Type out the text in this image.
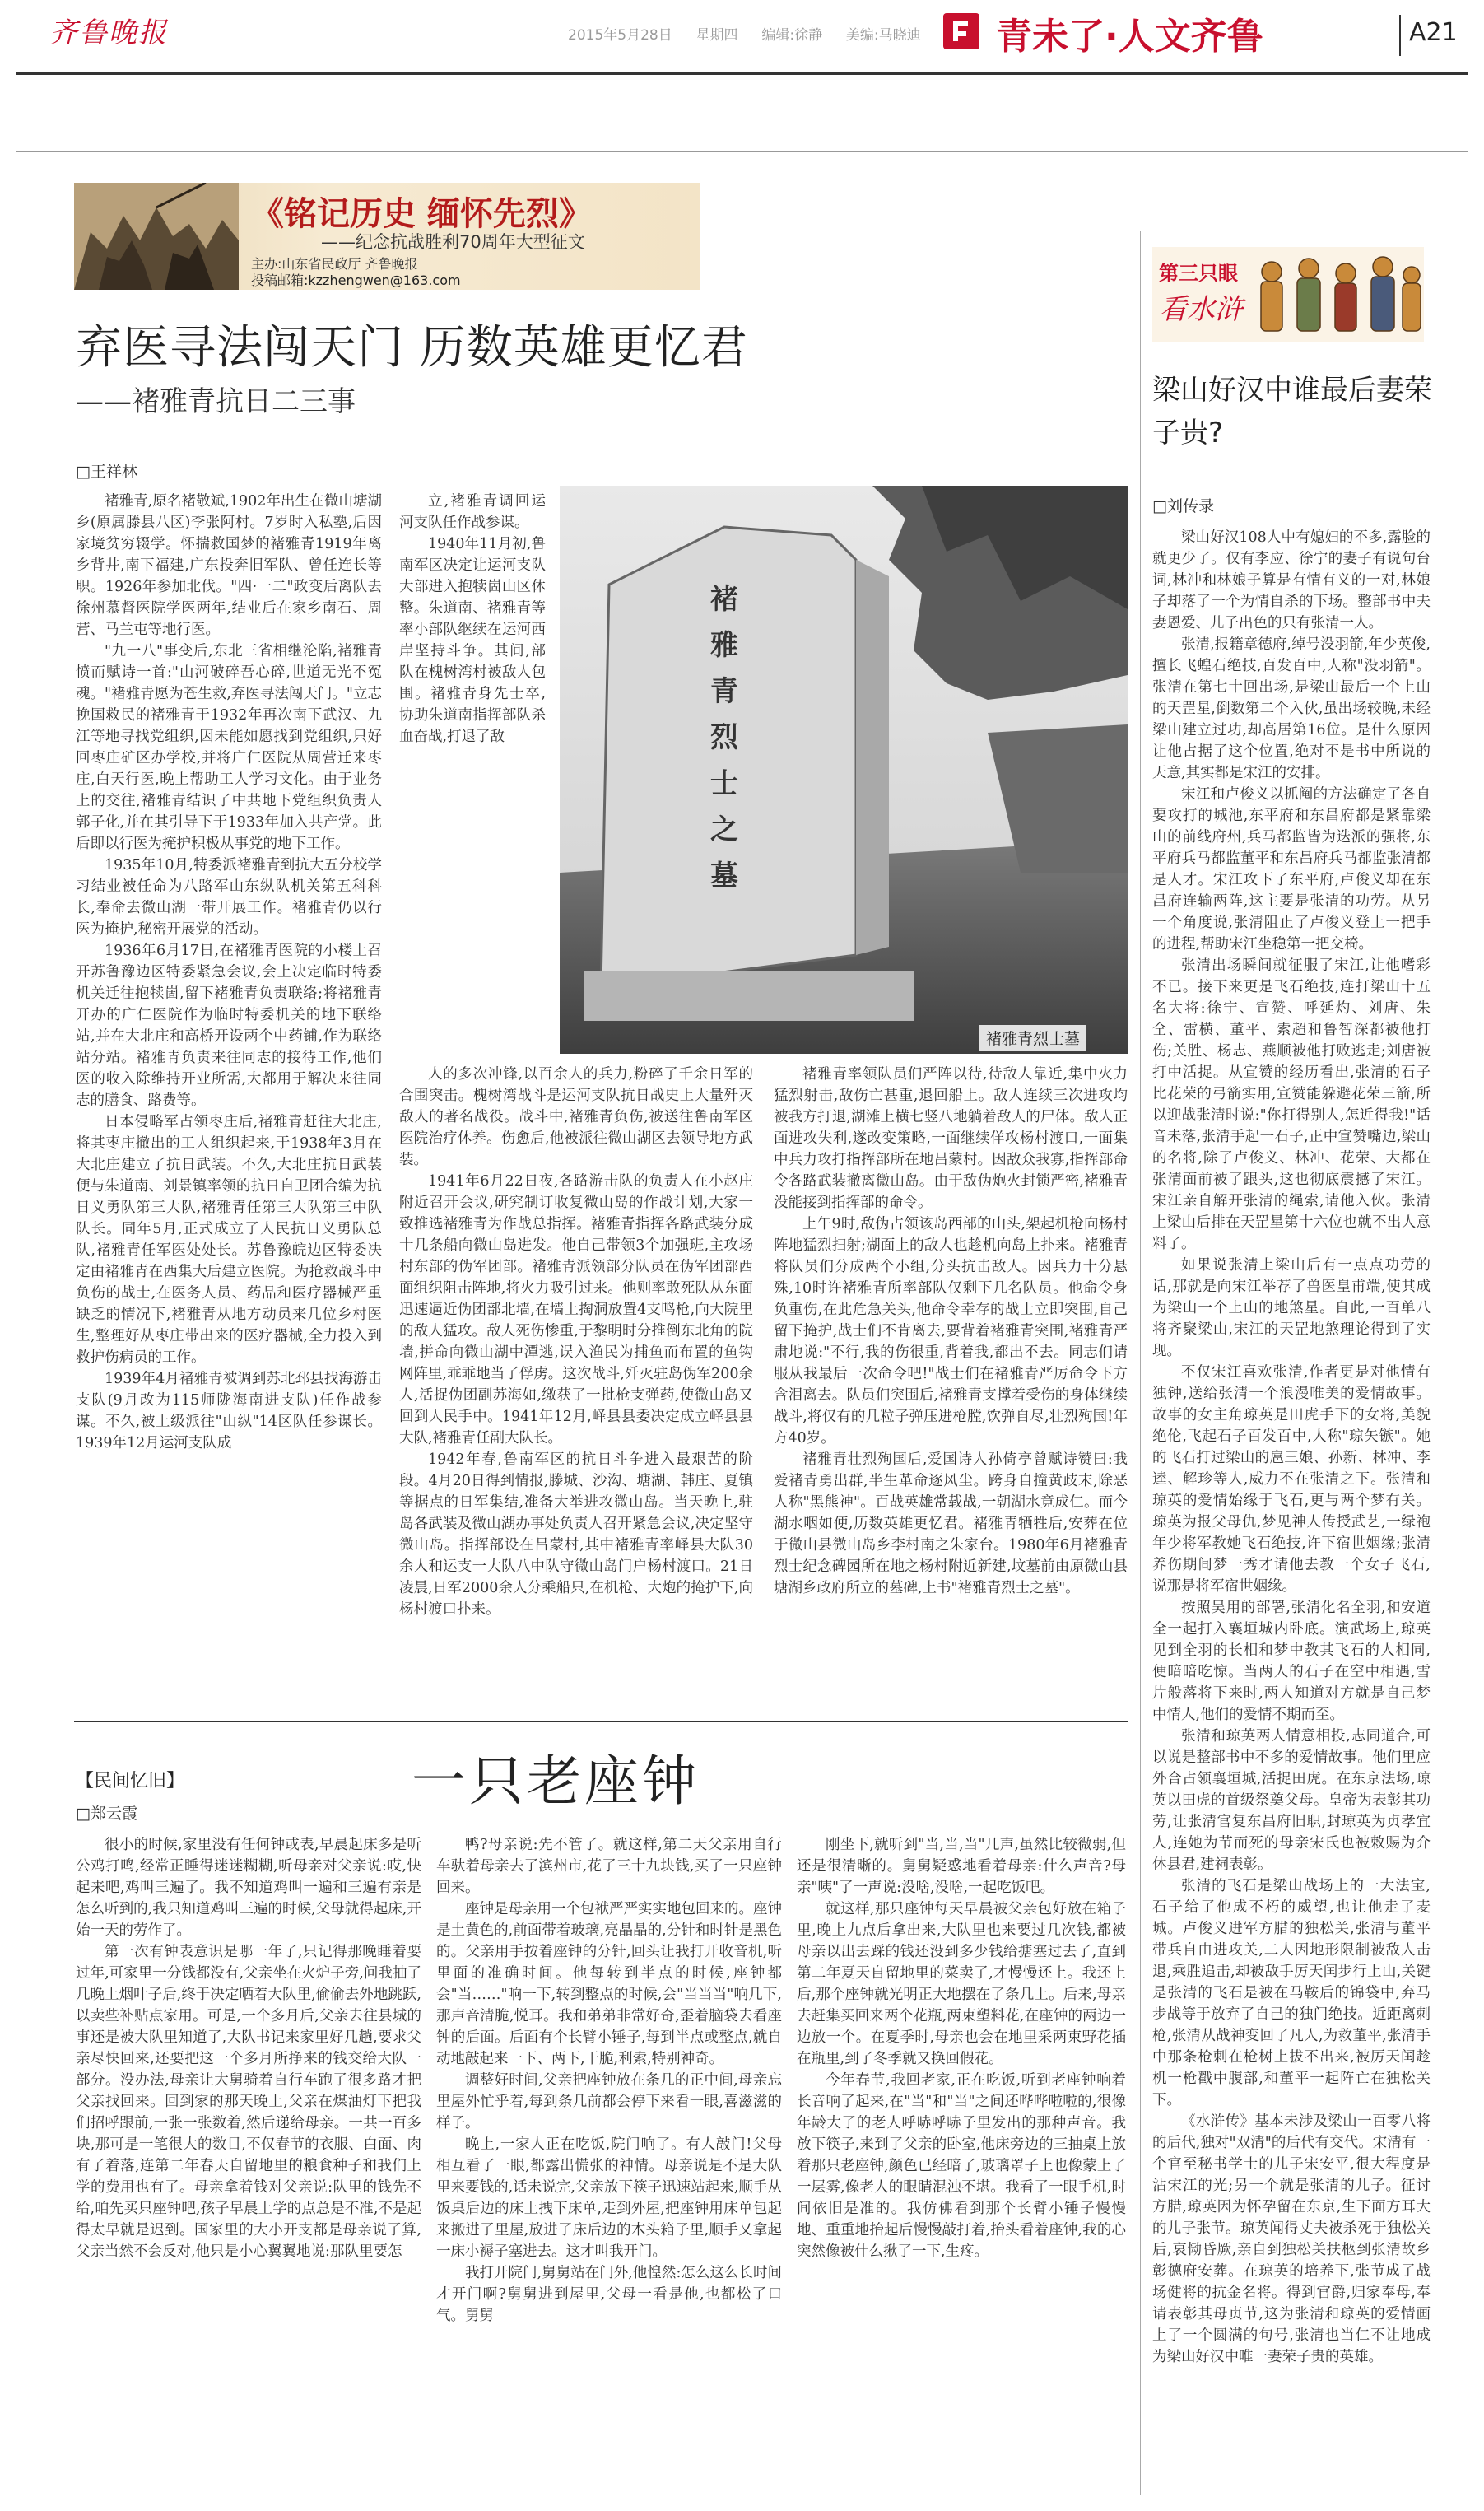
齐鲁晚报	2015年5月28日 星期四 编辑:徐静 美编:马晓迪 青未了·人文齐鲁	A21
《铭记历史 缅怀先烈》
——纪念抗战胜利70周年大型征文
主办:山东省民政厅 齐鲁晚报
投稿邮箱:kzzhengwen@163.com
弃医寻法闯天门 历数英雄更忆君
——褚雅青抗日二三事
□王祥林

褚雅青,原名褚敬斌,1902年出生在微山塘湖乡(原属滕县八区)李张阿村。7岁时入私塾,后因家境贫穷辍学。怀揣救国梦的褚雅青1919年离乡背井,南下福建,广东投奔旧军队、曾任连长等职。1926年参加北伐。"四·一二"政变后离队去徐州慕督医院学医两年,结业后在家乡南石、周营、马兰屯等地行医。

"九一八"事变后,东北三省相继沦陷,褚雅青愤而赋诗一首:"山河破碎吾心碎,世道无光不冤魂。"褚雅青愿为苍生救,弃医寻法闯天门。"立志挽国救民的褚雅青于1932年再次南下武汉、九江等地寻找党组织,因未能如愿找到党组织,只好回枣庄矿区办学校,并将广仁医院从周营迁来枣庄,白天行医,晚上帮助工人学习文化。由于业务上的交往,褚雅青结识了中共地下党组织负责人郭子化,并在其引导下于1933年加入共产党。此后即以行医为掩护积极从事党的地下工作。

1935年10月,特委派褚雅青到抗大五分校学习结业被任命为八路军山东纵队机关第五科科长,奉命去微山湖一带开展工作。褚雅青仍以行医为掩护,秘密开展党的活动。

1936年6月17日,在褚雅青医院的小楼上召开苏鲁豫边区特委紧急会议,会上决定临时特委机关迁往抱犊崮,留下褚雅青负责联络;将褚雅青开办的广仁医院作为临时特委机关的地下联络站,并在大北庄和高桥开设两个中药铺,作为联络站分站。褚雅青负责来往同志的接待工作,他们医的收入除维持开业所需,大都用于解决来往同志的膳食、路费等。

日本侵略军占领枣庄后,褚雅青赶往大北庄,将其枣庄撤出的工人组织起来,于1938年3月在大北庄建立了抗日武装。不久,大北庄抗日武装便与朱道南、刘景镇率领的抗日自卫团合编为抗日义勇队第三大队,褚雅青任第三大队第三中队队长。同年5月,正式成立了人民抗日义勇队总队,褚雅青任军医处处长。苏鲁豫皖边区特委决定由褚雅青在西集大后建立医院。为抢救战斗中负伤的战士,在医务人员、药品和医疗器械严重缺乏的情况下,褚雅青从地方动员来几位乡村医生,整理好从枣庄带出来的医疗器械,全力投入到救护伤病员的工作。

1939年4月褚雅青被调到苏北邳县找海游击支队(9月改为115师陇海南进支队)任作战参谋。不久,被上级派往"山纵"14区队任参谋长。1939年12月运河支队成

立,褚雅青调回运河支队任作战参谋。

1940年11月初,鲁南军区决定让运河支队大部进入抱犊崮山区休整。朱道南、褚雅青等率小部队继续在运河西岸坚持斗争。其间,部队在槐树湾村被敌人包围。褚雅青身先士卒,协助朱道南指挥部队杀血奋战,打退了敌

褚雅青烈士之墓
褚雅青烈士墓

人的多次冲锋,以百余人的兵力,粉碎了千余日军的合围突击。槐树湾战斗是运河支队抗日战史上大量歼灭敌人的著名战役。战斗中,褚雅青负伤,被送往鲁南军区医院治疗休养。伤愈后,他被派往微山湖区去领导地方武装。

1941年6月22日夜,各路游击队的负责人在小赵庄附近召开会议,研究制订收复微山岛的作战计划,大家一致推选褚雅青为作战总指挥。褚雅青指挥各路武装分成十几条船向微山岛进发。他自己带领3个加强班,主攻场村东部的伪军团部。褚雅青派领部分队员在伪军团部西面组织阻击阵地,将火力吸引过来。他则率敢死队从东面迅速逼近伪团部北墙,在墙上掏洞放置4支鸣枪,向大院里的敌人猛攻。敌人死伤惨重,于黎明时分推倒东北角的院墙,拼命向微山湖中潭逃,误入渔民为捕鱼而布置的鱼钩网阵里,乖乖地当了俘虏。这次战斗,歼灭驻岛伪军200余人,活捉伪团副苏海如,缴获了一批枪支弹药,使微山岛又回到人民手中。1941年12月,峄县县委决定成立峄县县大队,褚雅青任副大队长。

1942年春,鲁南军区的抗日斗争进入最艰苦的阶段。4月20日得到情报,滕城、沙沟、塘湖、韩庄、夏镇等据点的日军集结,准备大举进攻微山岛。当天晚上,驻岛各武装及微山湖办事处负责人召开紧急会议,决定坚守微山岛。指挥部设在吕蒙村,其中褚雅青率峄县大队30余人和运支一大队八中队守微山岛门户杨村渡口。21日凌晨,日军2000余人分乘船只,在机枪、大炮的掩护下,向杨村渡口扑来。

褚雅青率领队员们严阵以待,待敌人靠近,集中火力猛烈射击,敌伤亡甚重,退回船上。敌人连续三次进攻均被我方打退,湖滩上横七竖八地躺着敌人的尸体。敌人正面进攻失利,遂改变策略,一面继续佯攻杨村渡口,一面集中兵力攻打指挥部所在地吕蒙村。因敌众我寡,指挥部命令各路武装撤离微山岛。由于敌伪炮火封锁严密,褚雅青没能接到指挥部的命令。

上午9时,敌伪占领该岛西部的山头,架起机枪向杨村阵地猛烈扫射;湖面上的敌人也趁机向岛上扑来。褚雅青将队员们分成两个小组,分头抗击敌人。因兵力十分悬殊,10时许褚雅青所率部队仅剩下几名队员。他命令身负重伤,在此危急关头,他命令幸存的战士立即突围,自己留下掩护,战士们不肯离去,要背着褚雅青突围,褚雅青严肃地说:"不行,我的伤很重,背着我,都出不去。同志们请服从我最后一次命令吧!"战士们在褚雅青严厉命令下方含泪离去。队员们突围后,褚雅青支撑着受伤的身体继续战斗,将仅有的几粒子弹压进枪膛,饮弹自尽,壮烈殉国!年方40岁。

褚雅青壮烈殉国后,爱国诗人孙倚亭曾赋诗赞曰:我爱褚青勇出群,半生革命逐风尘。跨身自撞黄歧末,除恶人称"黑熊神"。百战英雄常载战,一朝湖水竟成仁。而今湖水咽如便,历数英雄更忆君。褚雅青牺牲后,安葬在位于微山县微山岛乡李村南之朱家台。1980年6月褚雅青烈士纪念碑园所在地之杨村附近新建,坟墓前由原微山县塘湖乡政府所立的墓碑,上书"褚雅青烈士之墓"。

【民间忆旧】
□郑云霞
一只老座钟

很小的时候,家里没有任何钟或表,早晨起床多是听公鸡打鸣,经常正睡得迷迷糊糊,听母亲对父亲说:哎,快起来吧,鸡叫三遍了。我不知道鸡叫一遍和三遍有亲是怎么听到的,我只知道鸡叫三遍的时候,父母就得起床,开始一天的劳作了。

第一次有钟表意识是哪一年了,只记得那晚睡着要过年,可家里一分钱都没有,父亲坐在火炉子旁,问我抽了几晚上烟叶子后,终于决定晒着大队里,偷偷去外地跳跃,以卖些补贴点家用。可是,一个多月后,父亲去往县城的事还是被大队里知道了,大队书记来家里好几趟,要求父亲尽快回来,还要把这一个多月所挣来的钱交给大队一部分。没办法,母亲让大舅骑着自行车跑了很多路才把父亲找回来。回到家的那天晚上,父亲在煤油灯下把我们招呼跟前,一张一张数着,然后递给母亲。一共一百多块,那可是一笔很大的数目,不仅春节的衣服、白面、肉有了着落,连第二年春天自留地里的粮食种子和我们上学的费用也有了。母亲拿着钱对父亲说:队里的钱先不给,咱先买只座钟吧,孩子早晨上学的点总是不准,不是起得太早就是迟到。国家里的大小开支都是母亲说了算,父亲当然不会反对,他只是小心翼翼地说:那队里要怎

鸭?母亲说:先不管了。就这样,第二天父亲用自行车驮着母亲去了滨州市,花了三十九块钱,买了一只座钟回来。

座钟是母亲用一个包袱严严实实地包回来的。座钟是土黄色的,前面带着玻璃,亮晶晶的,分针和时针是黑色的。父亲用手按着座钟的分针,回头让我打开收音机,听里面的准确时间。他每转到半点的时候,座钟都会"当……"响一下,转到整点的时候,会"当当当"响几下,那声音清脆,悦耳。我和弟弟非常好奇,歪着脑袋去看座钟的后面。后面有个长臂小锤子,每到半点或整点,就自动地敲起来一下、两下,干脆,利索,特别神奇。

调整好时间,父亲把座钟放在条几的正中间,母亲忘里屋外忙乎着,每到条几前都会停下来看一眼,喜滋滋的样子。

晚上,一家人正在吃饭,院门响了。有人敲门!父母相互看了一眼,都露出慌张的神情。母亲说是不是大队里来要钱的,话未说完,父亲放下筷子迅速站起来,顺手从饭桌后边的床上拽下床单,走到外屋,把座钟用床单包起来搬进了里屋,放进了床后边的木头箱子里,顺手又拿起一床小褥子塞进去。这才叫我开门。

我打开院门,舅舅站在门外,他惶然:怎么这么长时间才开门啊?舅舅进到屋里,父母一看是他,也都松了口气。舅舅

刚坐下,就听到"当,当,当"几声,虽然比较微弱,但还是很清晰的。舅舅疑惑地看着母亲:什么声音?母亲"咦"了一声说:没啥,没啥,一起吃饭吧。

就这样,那只座钟每天早晨被父亲包好放在箱子里,晚上九点后拿出来,大队里也来要过几次钱,都被母亲以出去踩的钱还没到多少钱给搪塞过去了,直到第二年夏天自留地里的菜卖了,才慢慢还上。我还上后,那个座钟就光明正大地摆在了条几上。后来,母亲去赶集买回来两个花瓶,两束塑料花,在座钟的两边一边放一个。在夏季时,母亲也会在地里采两束野花插在瓶里,到了冬季就又换回假花。

今年春节,我回老家,正在吃饭,听到老座钟响着长音响了起来,在"当"和"当"之间还哗哗啦啦的,很像年龄大了的老人呼哧呼哧子里发出的那种声音。我放下筷子,来到了父亲的卧室,他床旁边的三抽桌上放着那只老座钟,颜色已经暗了,玻璃罩子上也像蒙上了一层雾,像老人的眼睛混浊不堪。我看了一眼手机,时间依旧是准的。我仿佛看到那个长臂小锤子慢慢地、重重地抬起后慢慢敲打着,抬头看着座钟,我的心突然像被什么揪了一下,生疼。

第三只眼
看水浒
梁山好汉中谁最后妻荣子贵?
□刘传录

梁山好汉108人中有媳妇的不多,露脸的就更少了。仅有李应、徐宁的妻子有说句台词,林冲和林娘子算是有情有义的一对,林娘子却落了一个为情自杀的下场。整部书中夫妻恩爱、儿子出色的只有张清一人。

张清,报籍章德府,绰号没羽箭,年少英俊,擅长飞蝗石绝技,百发百中,人称"没羽箭"。张清在第七十回出场,是梁山最后一个上山的天罡星,倒数第二个入伙,虽出场较晚,未经梁山建立过功,却高居第16位。是什么原因让他占据了这个位置,绝对不是书中所说的天意,其实都是宋江的安排。

宋江和卢俊义以抓阄的方法确定了各自要攻打的城池,东平府和东昌府都是紧靠梁山的前线府州,兵马都监皆为迭派的强将,东平府兵马都监董平和东昌府兵马都监张清都是人才。宋江攻下了东平府,卢俊义却在东昌府连输两阵,这主要是张清的功劳。从另一个角度说,张清阻止了卢俊义登上一把手的进程,帮助宋江坐稳第一把交椅。

张清出场瞬间就征服了宋江,让他嗜彩不已。接下来更是飞石绝技,连打梁山十五名大将:徐宁、宣赞、呼延灼、刘唐、朱仝、雷横、董平、索超和鲁智深都被他打伤;关胜、杨志、燕顺被他打败逃走;刘唐被打中活捉。从宣赞的经历看出,张清的石子比花荣的弓箭实用,宣赞能躲避花荣三箭,所以迎战张清时说:"你打得别人,怎近得我!"话音未落,张清手起一石子,正中宣赞嘴边,梁山的名将,除了卢俊义、林冲、花荣、大都在张清面前被了跟头,这也彻底震撼了宋江。宋江亲自解开张清的绳索,请他入伙。张清上梁山后排在天罡星第十六位也就不出人意料了。

如果说张清上梁山后有一点点功劳的话,那就是向宋江举荐了兽医皇甫端,使其成为梁山一个上山的地煞星。自此,一百单八将齐聚梁山,宋江的天罡地煞理论得到了实现。

不仅宋江喜欢张清,作者更是对他情有独钟,送给张清一个浪漫唯美的爱情故事。故事的女主角琼英是田虎手下的女将,美貌绝伦,飞起石子百发百中,人称"琼矢镞"。她的飞石打过梁山的扈三娘、孙新、林冲、李逵、解珍等人,威力不在张清之下。张清和琼英的爱情始缘于飞石,更与两个梦有关。琼英为报父母仇,梦见神人传授武艺,一绿袍年少将军教她飞石绝技,许下宿世姻缘;张清养伤期间梦一秀才请他去教一个女子飞石,说那是将军宿世姻缘。

按照吴用的部署,张清化名全羽,和安道全一起打入襄垣城内卧底。演武场上,琼英见到全羽的长相和梦中教其飞石的人相同,便暗暗吃惊。当两人的石子在空中相遇,雪片般落将下来时,两人知道对方就是自己梦中情人,他们的爱情不期而至。

张清和琼英两人情意相投,志同道合,可以说是整部书中不多的爱情故事。他们里应外合占领襄垣城,活捉田虎。在东京法场,琼英以田虎的首级祭奠父母。皇帝为表彰其功劳,让张清官复东昌府旧职,封琼英为贞孝宜人,连她为节而死的母亲宋氏也被敕赐为介休县君,建祠表彰。

张清的飞石是梁山战场上的一大法宝,石子给了他成不朽的威望,也让他走了麦城。卢俊义进军方腊的独松关,张清与董平带兵自由进攻关,二人因地形限制被敌人击退,乘胜追击,却被敌手厉天闰步行上山,关键是张清的飞石是被在马鞍后的锦袋中,弃马步战等于放弃了自己的独门绝技。近距离刺枪,张清从战神变回了凡人,为救董平,张清手中那条枪刺在枪树上拔不出来,被厉天闰趁机一枪戳中腹部,和董平一起阵亡在独松关下。

《水浒传》基本未涉及梁山一百零八将的后代,独对"双清"的后代有交代。宋清有一个官至秘书学士的儿子宋安平,很大程度是沾宋江的光;另一个就是张清的儿子。征讨方腊,琼英因为怀孕留在东京,生下面方耳大的儿子张节。琼英闻得丈夫被杀死于独松关后,哀恸昏厥,亲自到独松关扶柩到张清故乡彰德府安葬。在琼英的培养下,张节成了战场健将的抗金名将。得到官爵,归家奉母,奉请表彰其母贞节,这为张清和琼英的爱情画上了一个圆满的句号,张清也当仁不让地成为梁山好汉中唯一妻荣子贵的英雄。
